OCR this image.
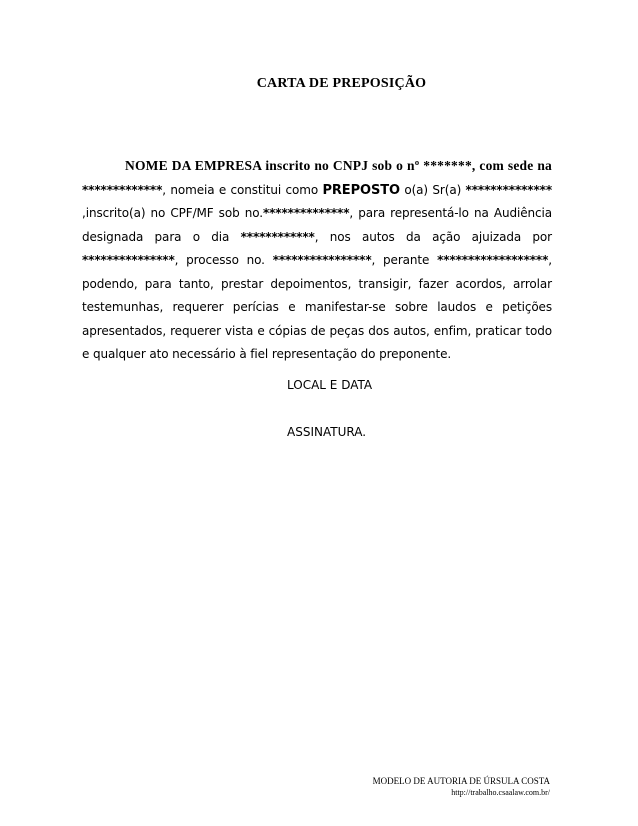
CARTA DE PREPOSIÇÃO
NOME DA EMPRESA inscrito no CNPJ sob o nº *******, com sede na *************, nomeia e constitui como PREPOSTO o(a) Sr(a) ************** ,inscrito(a) no CPF/MF sob no.**************, para representá-lo na Audiência designada para o dia ************, nos autos da ação ajuizada por ***************, processo no. ****************, perante ******************, podendo, para tanto, prestar depoimentos, transigir, fazer acordos, arrolar testemunhas, requerer perícias e manifestar-se sobre laudos e petições apresentados, requerer vista e cópias de peças dos autos, enfim, praticar todo e qualquer ato necessário à fiel representação do preponente.
LOCAL E DATA
ASSINATURA.
MODELO DE AUTORIA DE ÚRSULA COSTA
http://trabalho.csaalaw.com.br/
